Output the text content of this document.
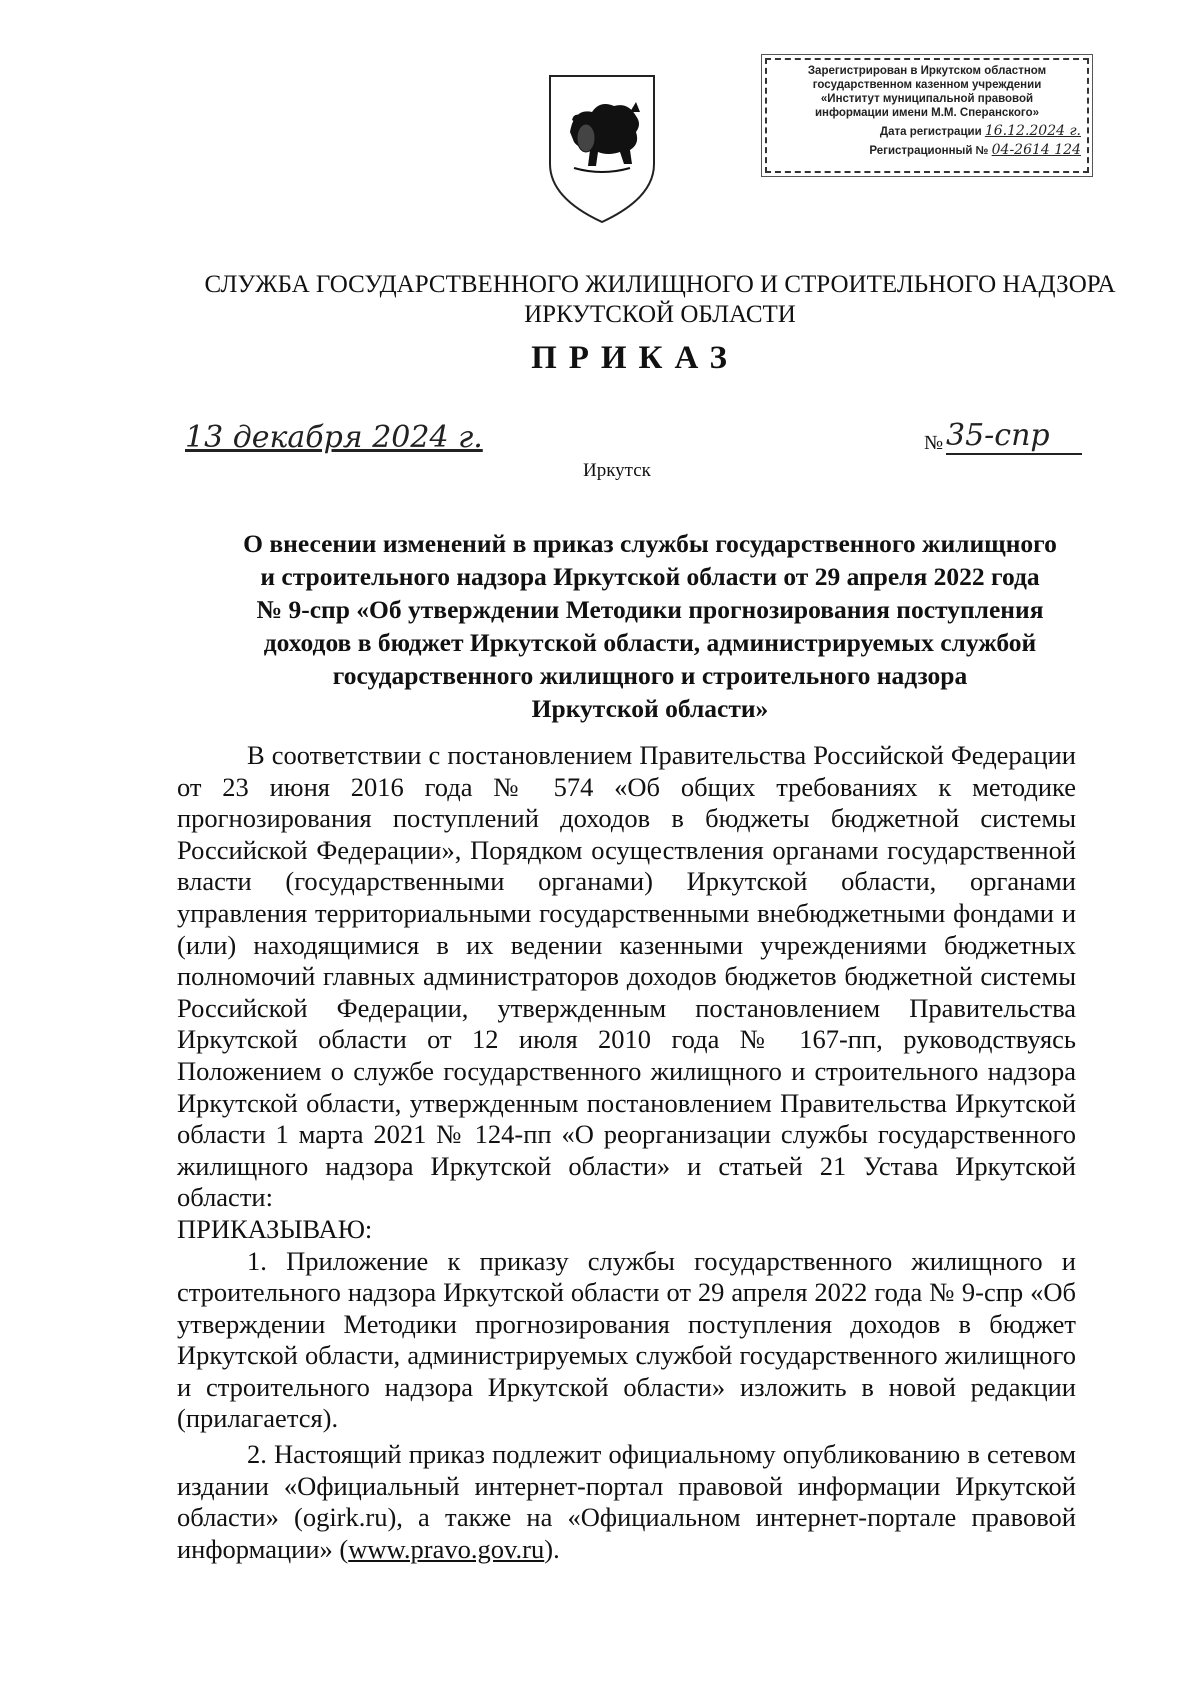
Зарегистрирован в Иркутском областном
государственном казенном учреждении
«Институт муниципальной правовой
информации имени М.М. Сперанского»
Дата регистрации 16.12.2024 г.
Регистрационный № 04-2614 124
СЛУЖБА ГОСУДАРСТВЕННОГО ЖИЛИЩНОГО И СТРОИТЕЛЬНОГО НАДЗОРА
ИРКУТСКОЙ ОБЛАСТИ
ПРИКАЗ
13 декабря 2024 г.	№ 35-спр
Иркутск
О внесении изменений в приказ службы государственного жилищного
и строительного надзора Иркутской области от 29 апреля 2022 года
№ 9-спр «Об утверждении Методики прогнозирования поступления
доходов в бюджет Иркутской области, администрируемых службой
государственного жилищного и строительного надзора
Иркутской области»

В соответствии с постановлением Правительства Российской Федерации от 23 июня 2016 года № 574 «Об общих требованиях к методике прогнозирования поступлений доходов в бюджеты бюджетной системы Российской Федерации», Порядком осуществления органами государственной власти (государственными органами) Иркутской области, органами управления территориальными государственными внебюджетными фондами и (или) находящимися в их ведении казенными учреждениями бюджетных полномочий главных администраторов доходов бюджетов бюджетной системы Российской Федерации, утвержденным постановлением Правительства Иркутской области от 12 июля 2010 года № 167-пп, руководствуясь Положением о службе государственного жилищного и строительного надзора Иркутской области, утвержденным постановлением Правительства Иркутской области 1 марта 2021 № 124-пп «О реорганизации службы государственного жилищного надзора Иркутской области» и статьей 21 Устава Иркутской области:

ПРИКАЗЫВАЮ:

1. Приложение к приказу службы государственного жилищного и строительного надзора Иркутской области от 29 апреля 2022 года № 9-спр «Об утверждении Методики прогнозирования поступления доходов в бюджет Иркутской области, администрируемых службой государственного жилищного и строительного надзора Иркутской области» изложить в новой редакции (прилагается).

2. Настоящий приказ подлежит официальному опубликованию в сетевом издании «Официальный интернет-портал правовой информации Иркутской области» (ogirk.ru), а также на «Официальном интернет-портале правовой информации» (www.pravo.gov.ru).
